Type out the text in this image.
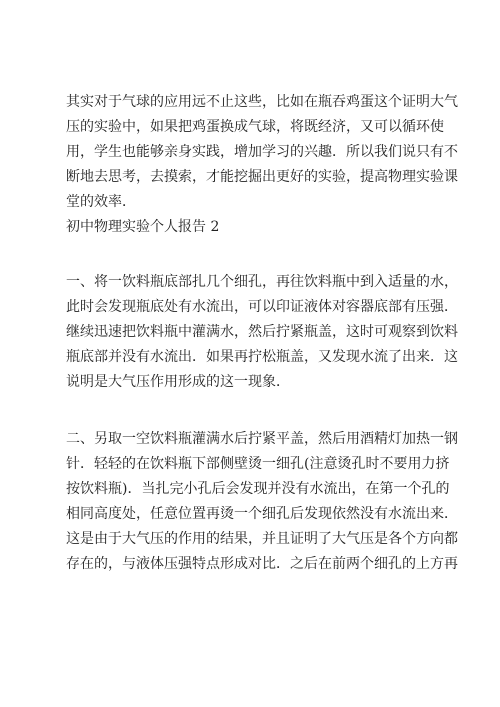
其实对于气球的应用远不止这些，比如在瓶吞鸡蛋这个证明大气
压的实验中，如果把鸡蛋换成气球，将既经济，又可以循环使
用，学生也能够亲身实践，增加学习的兴趣．所以我们说只有不
断地去思考，去摸索，才能挖掘出更好的实验，提高物理实验课
堂的效率．

初中物理实验个人报告 2

一、将一饮料瓶底部扎几个细孔，再往饮料瓶中到入适量的水，
此时会发现瓶底处有水流出，可以印证液体对容器底部有压强．
继续迅速把饮料瓶中灌满水，然后拧紧瓶盖，这时可观察到饮料
瓶底部并没有水流出．如果再拧松瓶盖，又发现水流了出来．这
说明是大气压作用形成的这一现象．

二、另取一空饮料瓶灌满水后拧紧平盖，然后用酒精灯加热一钢
针．轻轻的在饮料瓶下部侧壁烫一细孔(注意烫孔时不要用力挤
按饮料瓶)．当扎完小孔后会发现并没有水流出，在第一个孔的
相同高度处，任意位置再烫一个细孔后发现依然没有水流出来．
这是由于大气压的作用的结果，并且证明了大气压是各个方向都
存在的，与液体压强特点形成对比．之后在前两个细孔的上方再
